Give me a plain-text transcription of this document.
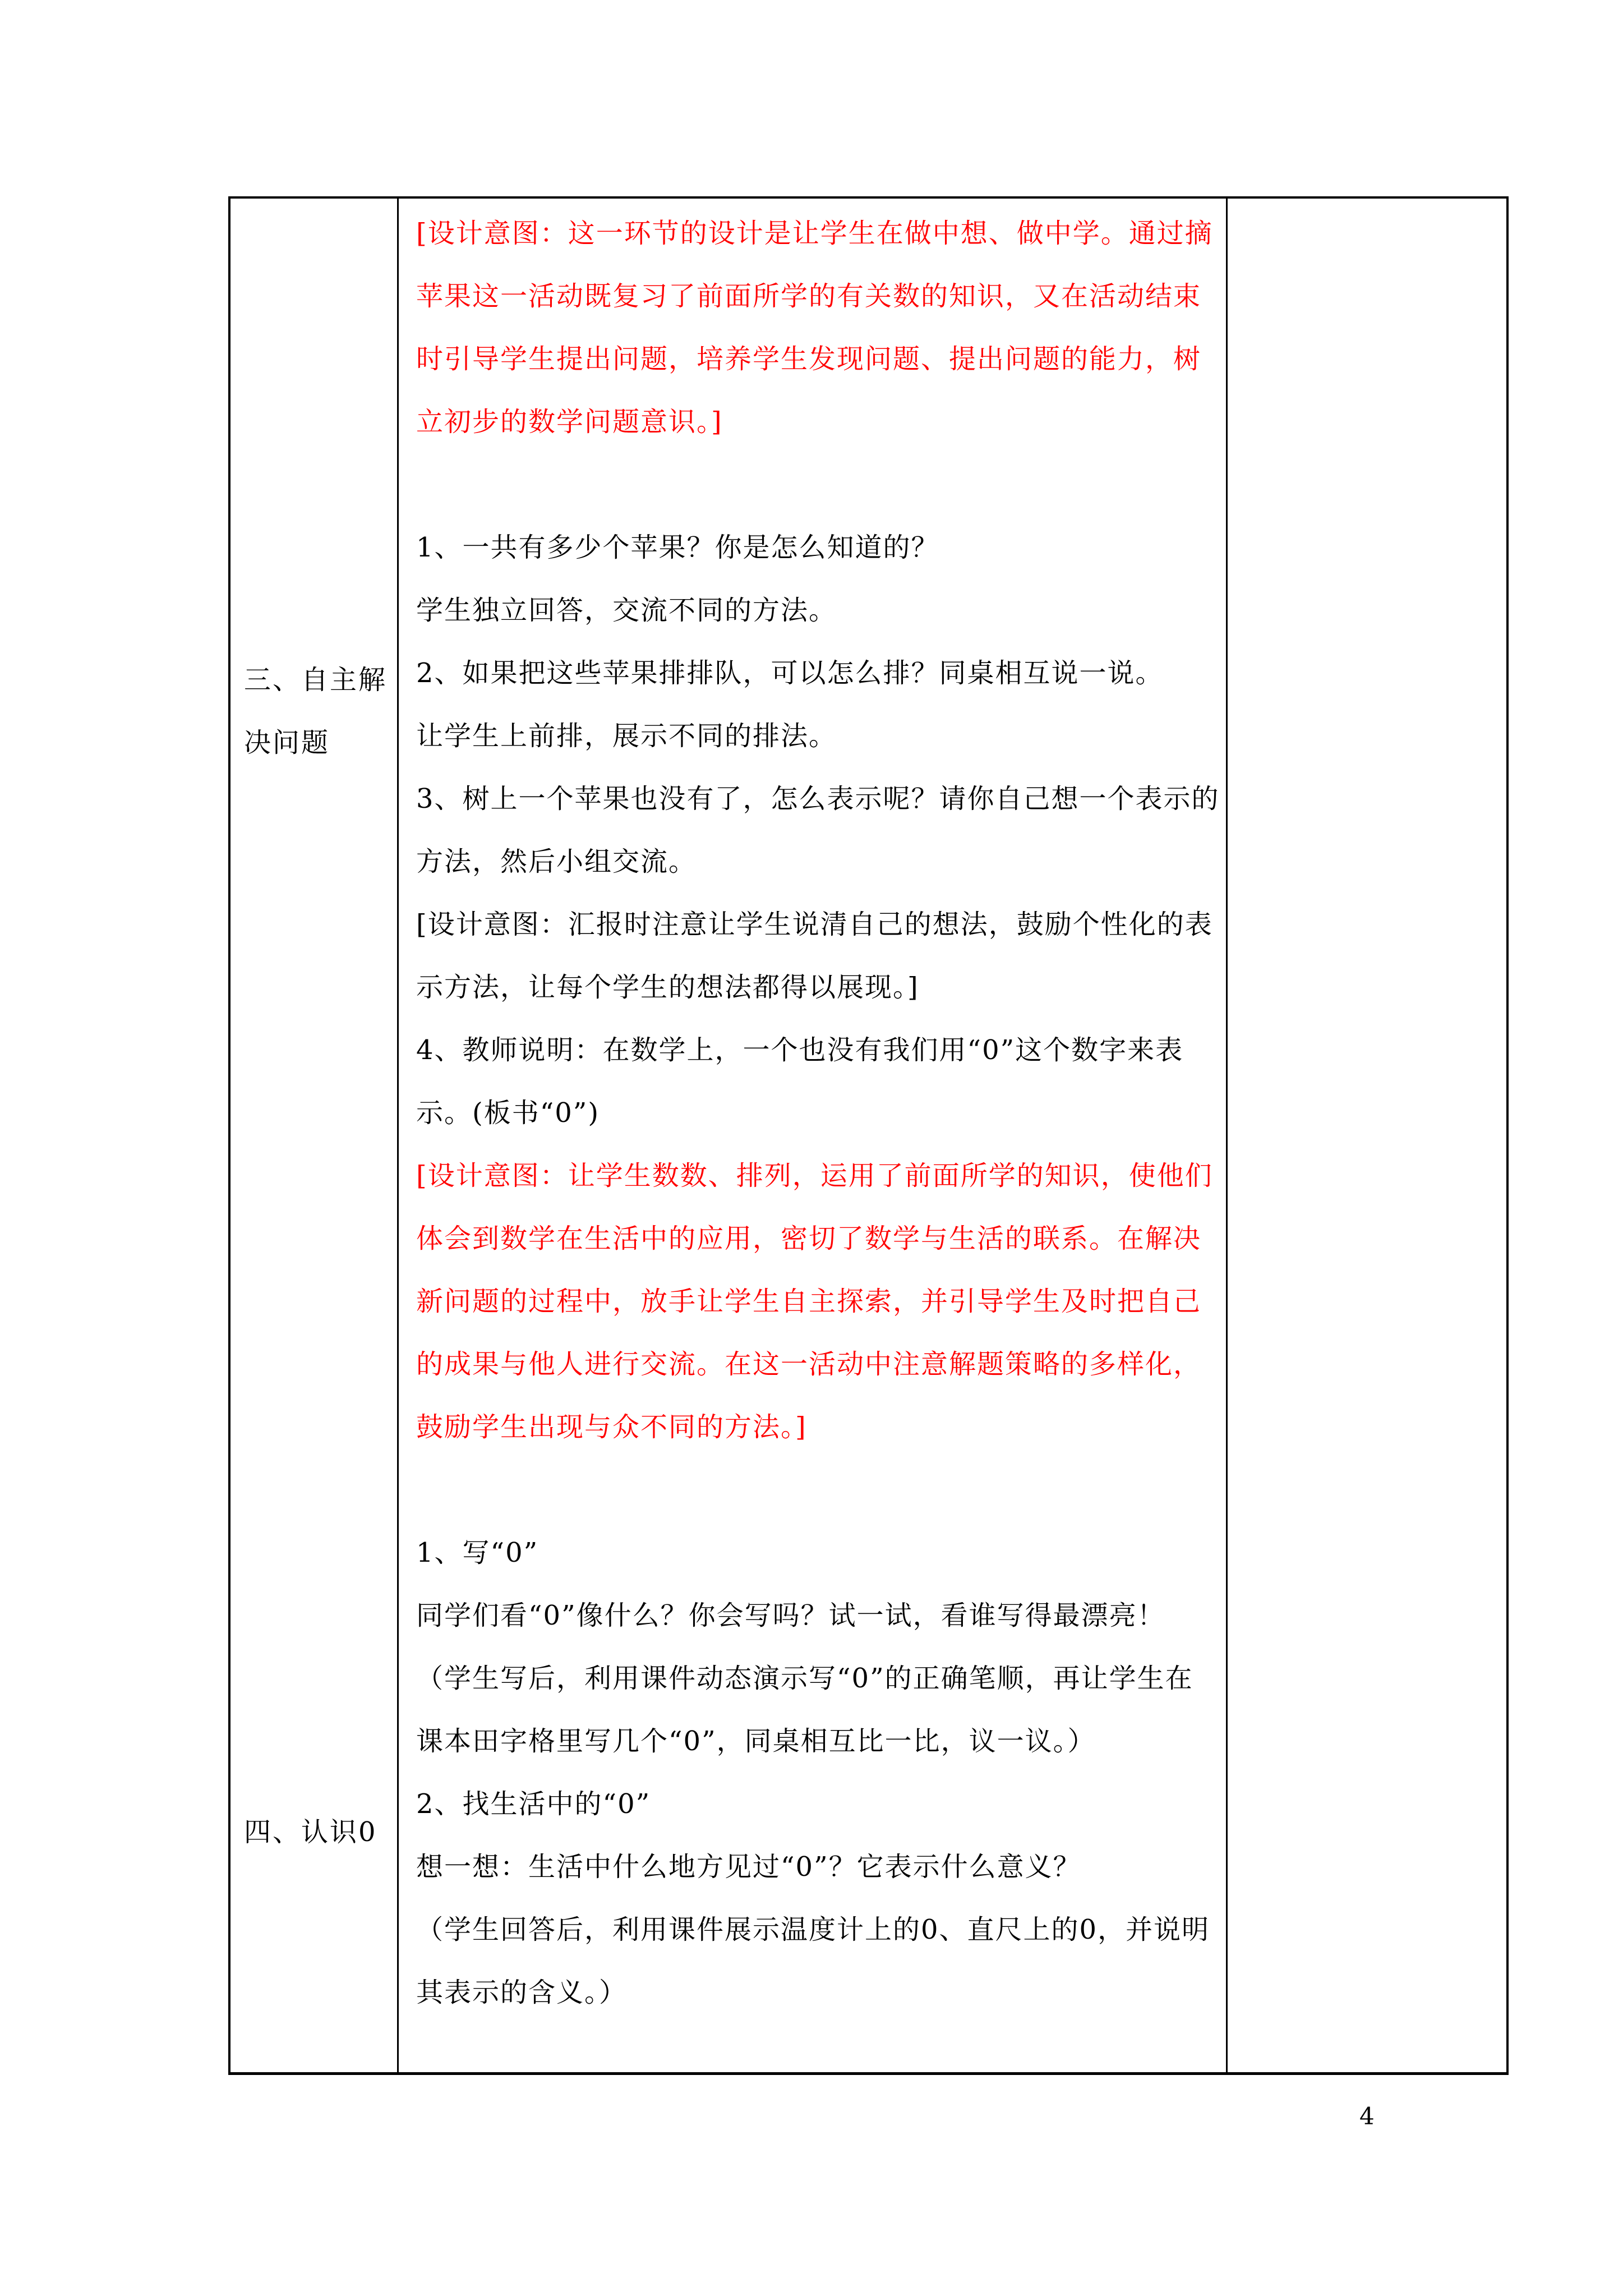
三、自主解
决问题
四、认识0

[设计意图：这一环节的设计是让学生在做中想、做中学。通过摘

苹果这一活动既复习了前面所学的有关数的知识，又在活动结束

时引导学生提出问题，培养学生发现问题、提出问题的能力，树

立初步的数学问题意识。]

1、一共有多少个苹果？你是怎么知道的？

学生独立回答，交流不同的方法。

2、如果把这些苹果排排队，可以怎么排？同桌相互说一说。

让学生上前排，展示不同的排法。

3、树上一个苹果也没有了，怎么表示呢？请你自己想一个表示的

方法，然后小组交流。

[设计意图：汇报时注意让学生说清自己的想法，鼓励个性化的表

示方法，让每个学生的想法都得以展现。]

4、教师说明：在数学上，一个也没有我们用“0”这个数字来表

示。(板书“0”)

[设计意图：让学生数数、排列，运用了前面所学的知识，使他们

体会到数学在生活中的应用，密切了数学与生活的联系。在解决

新问题的过程中，放手让学生自主探索，并引导学生及时把自己

的成果与他人进行交流。在这一活动中注意解题策略的多样化，

鼓励学生出现与众不同的方法。]

1、写“0”

同学们看“0”像什么？你会写吗？试一试，看谁写得最漂亮！

（学生写后，利用课件动态演示写“0”的正确笔顺，再让学生在

课本田字格里写几个“0”，同桌相互比一比，议一议。）

2、找生活中的“0”

想一想：生活中什么地方见过“0”？它表示什么意义？

（学生回答后，利用课件展示温度计上的0、直尺上的0，并说明

其表示的含义。）

4
